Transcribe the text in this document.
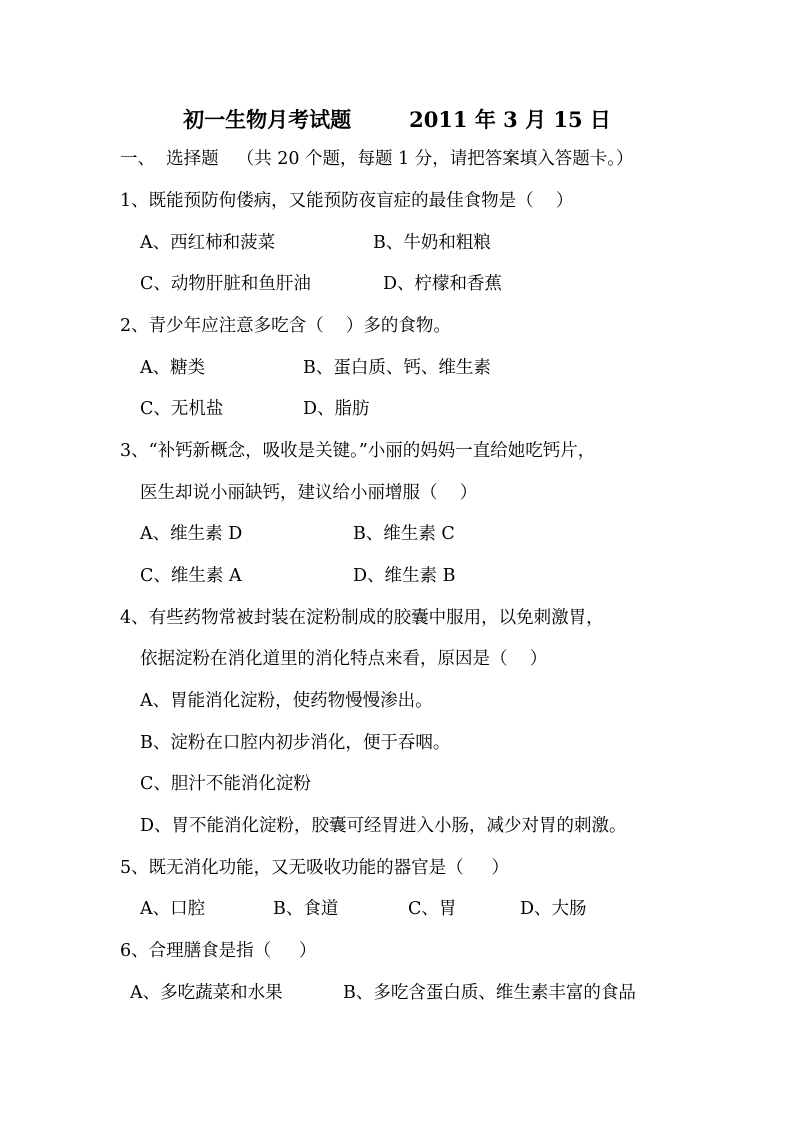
初一生物月考试题	2011 年 3 月 15 日
一、  选择题 （共 20 个题，每题 1 分，请把答案填入答题卡。）
1、既能预防佝偻病，又能预防夜盲症的最佳食物是（    ）
A、西红柿和菠菜	B、牛奶和粗粮
C、动物肝脏和鱼肝油	D、柠檬和香蕉
2、青少年应注意多吃含（    ）多的食物。
A、糖类	B、蛋白质、钙、维生素
C、无机盐	D、脂肪
3、“补钙新概念，吸收是关键。”小丽的妈妈一直给她吃钙片，
医生却说小丽缺钙，建议给小丽增服（    ）
A、维生素 D	B、维生素 C
C、维生素 A	D、维生素 B
4、有些药物常被封装在淀粉制成的胶囊中服用，以免刺激胃，
依据淀粉在消化道里的消化特点来看，原因是（    ）
A、胃能消化淀粉，使药物慢慢渗出。
B、淀粉在口腔内初步消化，便于吞咽。
C、胆汁不能消化淀粉
D、胃不能消化淀粉，胶囊可经胃进入小肠，减少对胃的刺激。
5、既无消化功能，又无吸收功能的器官是（     ）
A、口腔	B、食道	C、胃	D、大肠
6、合理膳食是指（     ）
A、多吃蔬菜和水果	B、多吃含蛋白质、维生素丰富的食品
